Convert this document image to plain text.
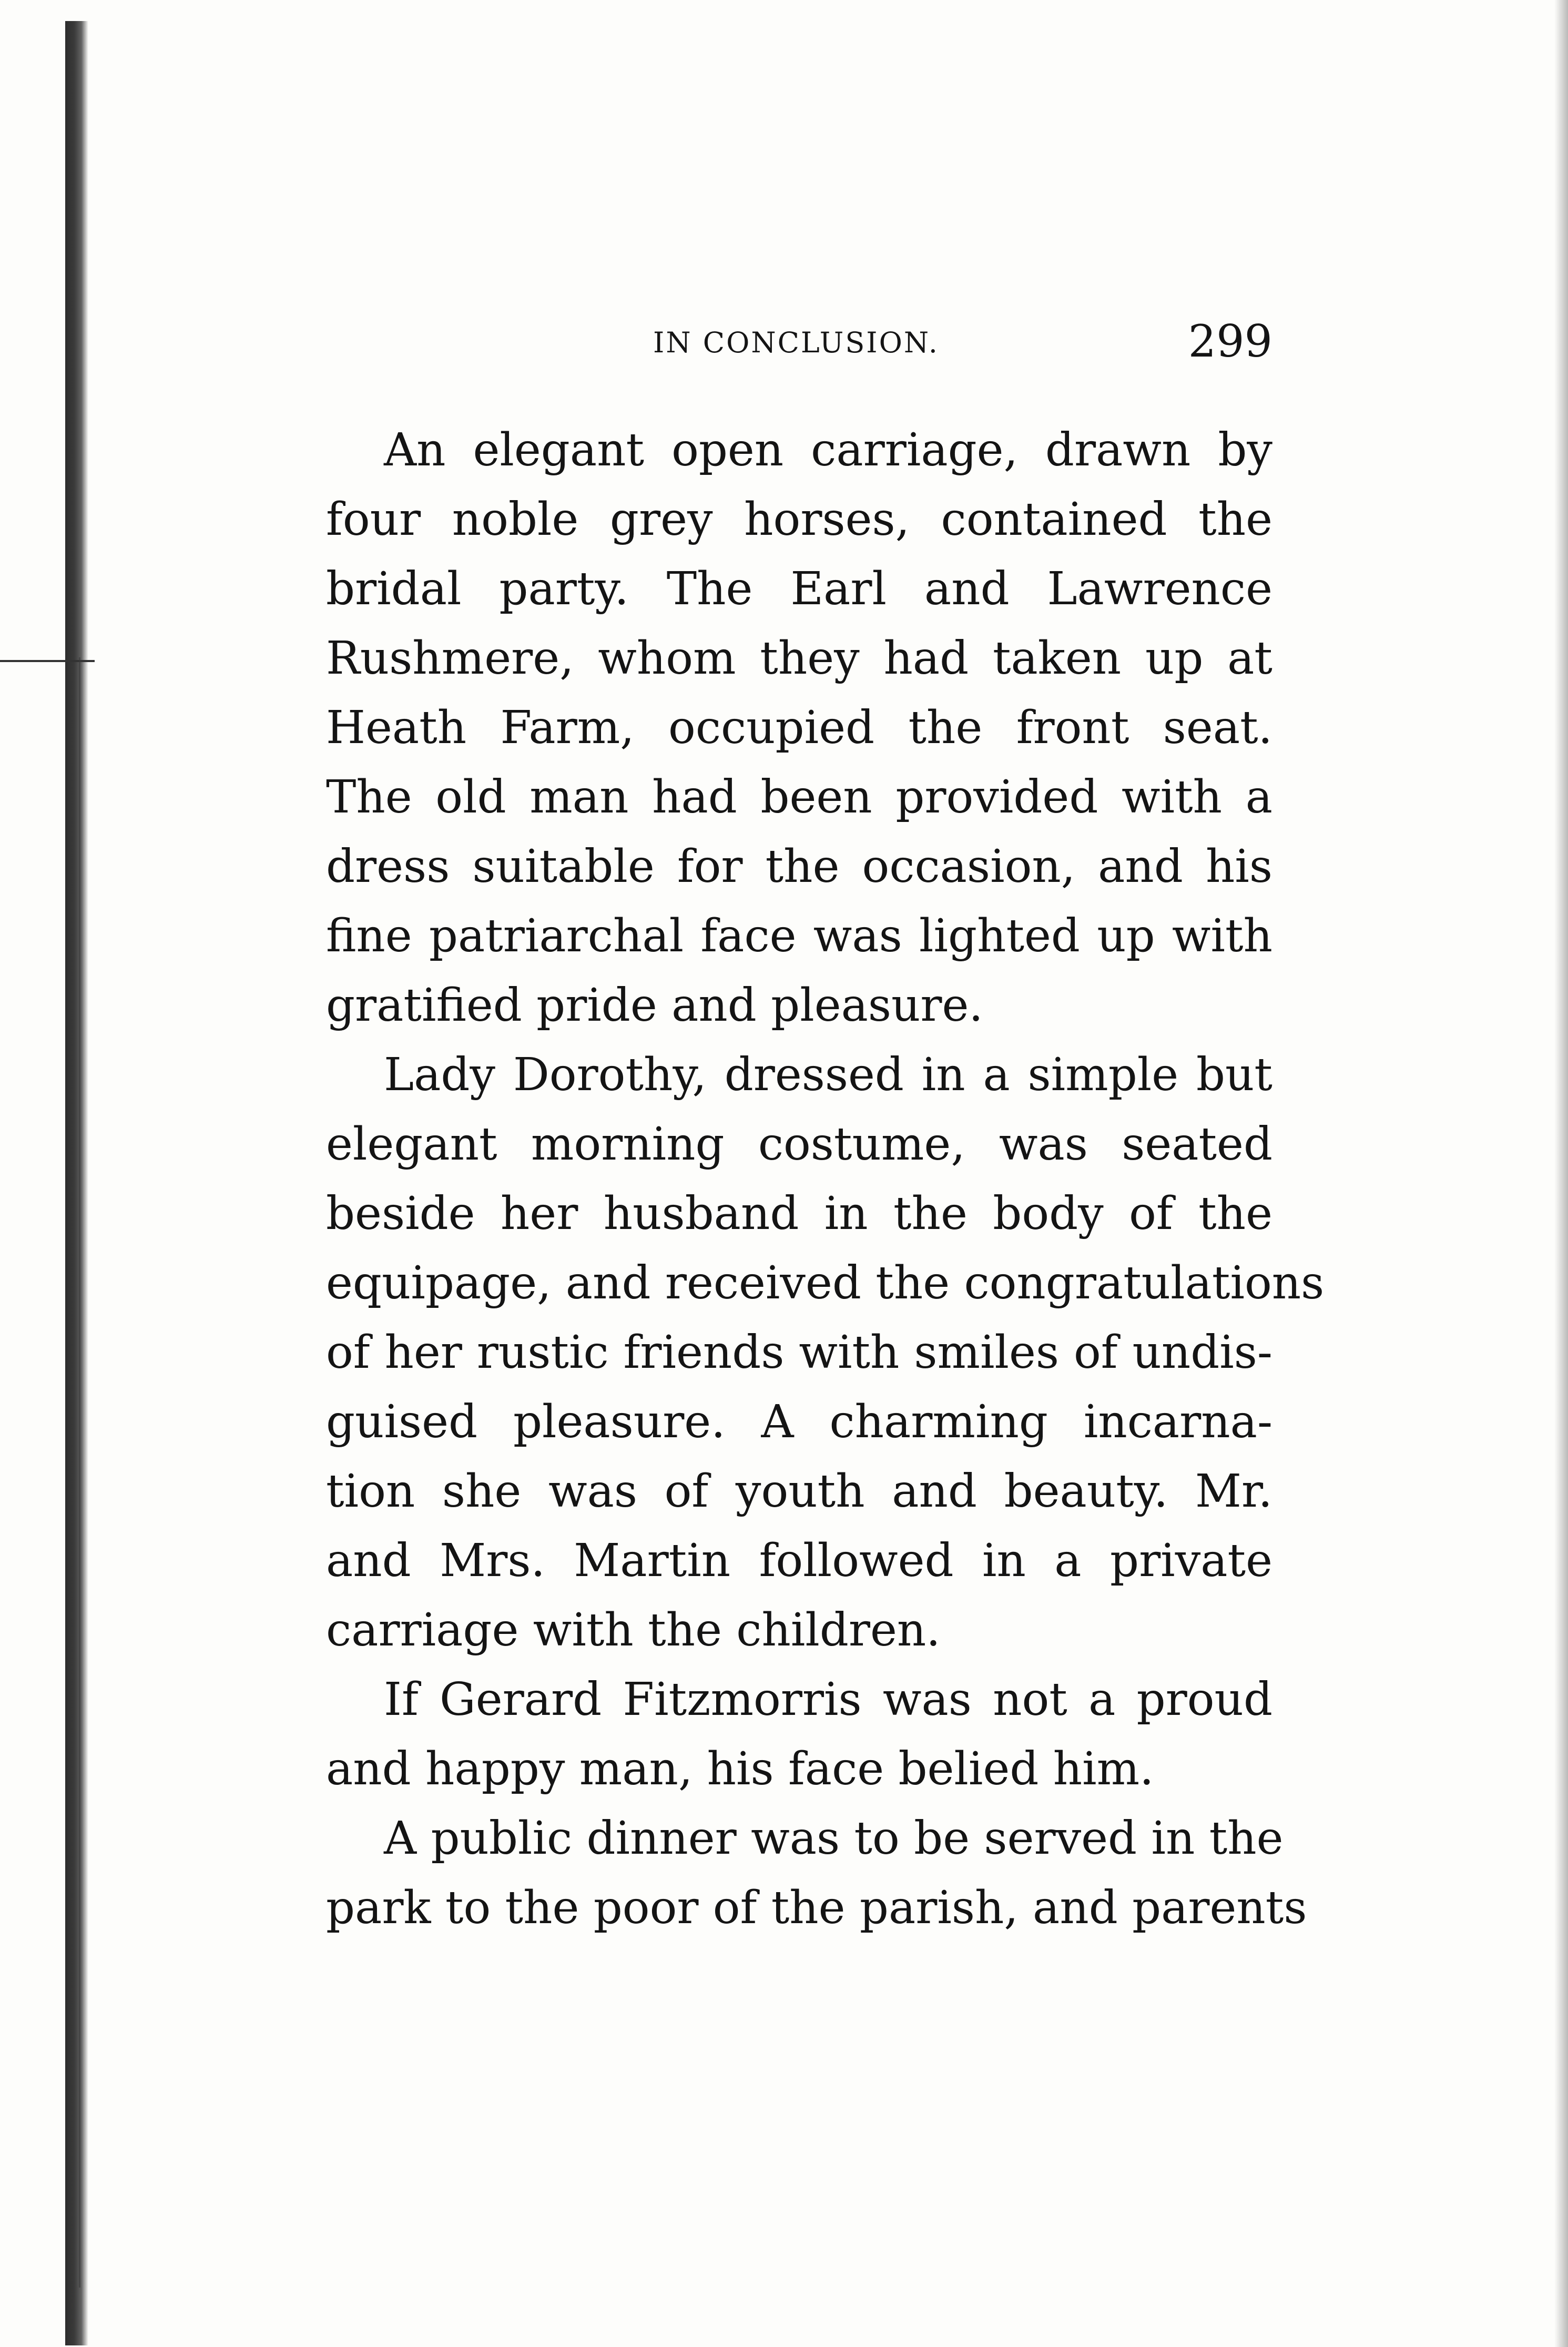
IN CONCLUSION.	299
An elegant open carriage, drawn by
four noble grey horses, contained the
bridal party. The Earl and Lawrence
Rushmere, whom they had taken up at
Heath Farm, occupied the front seat.
The old man had been provided with a
dress suitable for the occasion, and his
fine patriarchal face was lighted up with
gratified pride and pleasure.
Lady Dorothy, dressed in a simple but
elegant morning costume, was seated
beside her husband in the body of the
equipage, and received the congratulations
of her rustic friends with smiles of undis-
guised pleasure. A charming incarna-
tion she was of youth and beauty. Mr.
and Mrs. Martin followed in a private
carriage with the children.
If Gerard Fitzmorris was not a proud
and happy man, his face belied him.
A public dinner was to be served in the
park to the poor of the parish, and parents
